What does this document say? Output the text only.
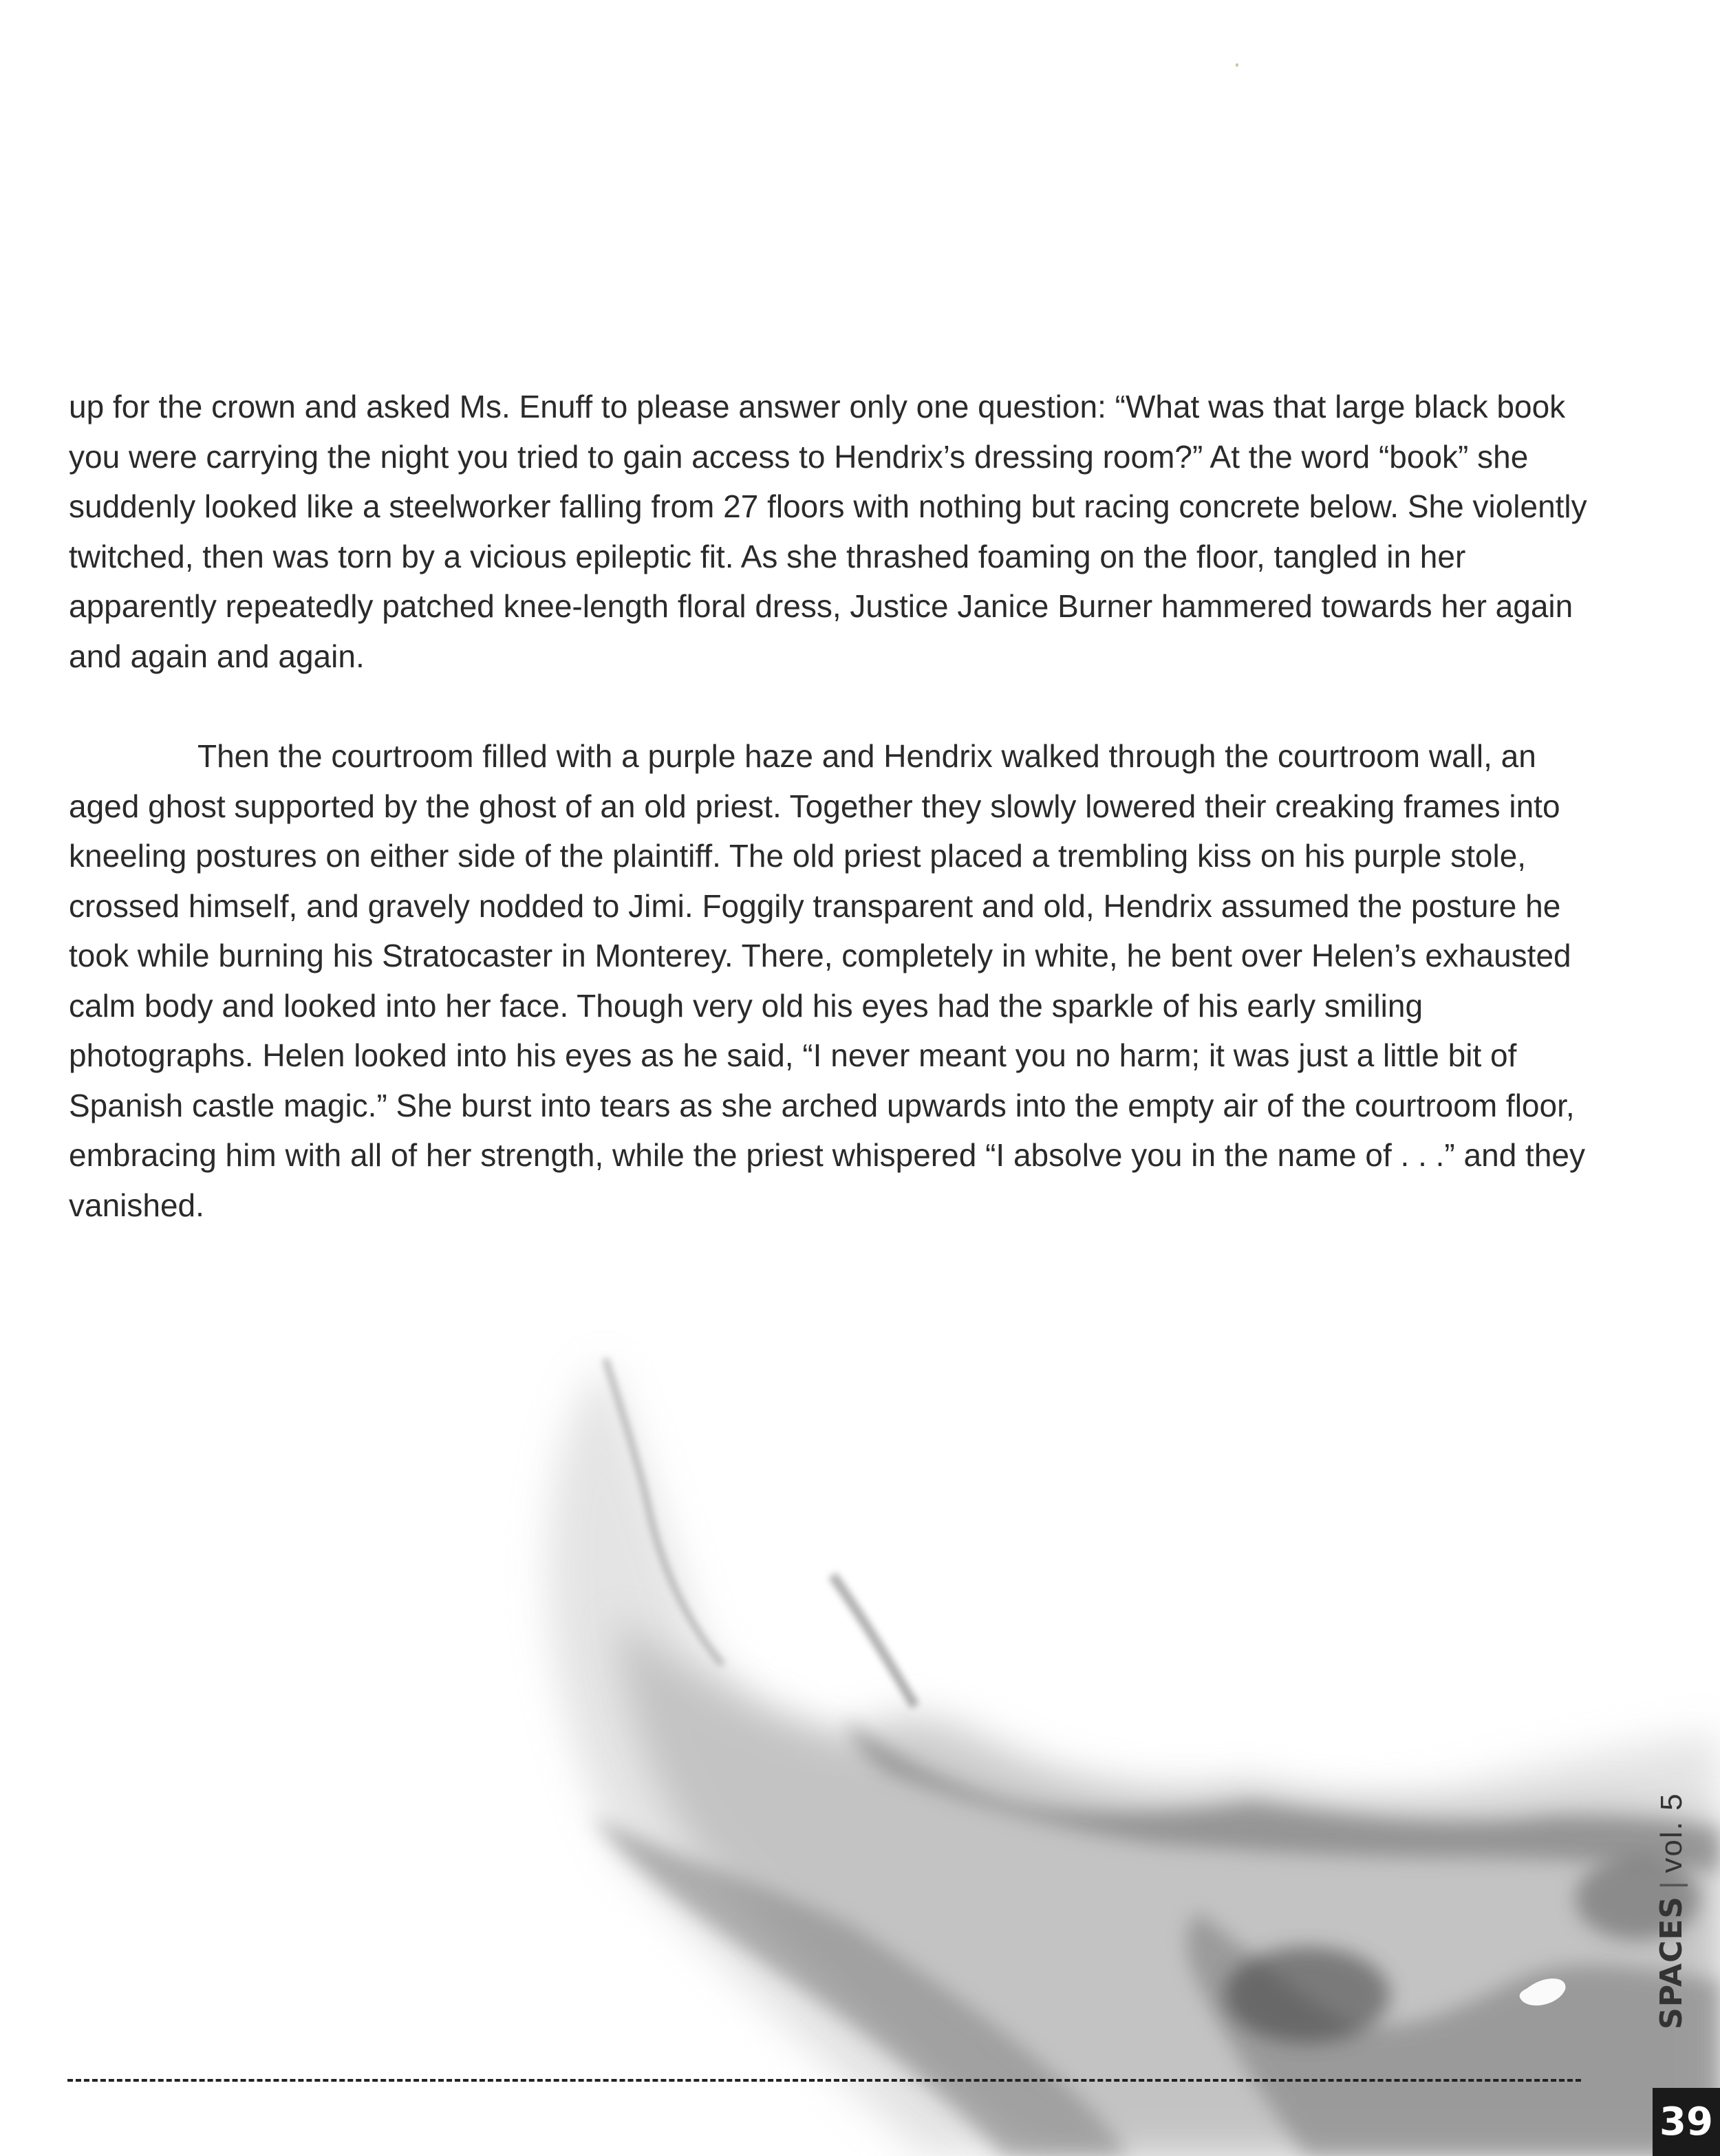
up for the crown and asked Ms. Enuff to please answer only one question: “What was that large black book you were carrying the night you tried to gain access to Hendrix’s dressing room?” At the word “book” she suddenly looked like a steelworker falling from 27 floors with nothing but racing concrete below. She violently twitched, then was torn by a vicious epileptic fit. As she thrashed foaming on the floor, tangled in her apparently repeatedly patched knee-length floral dress, Justice Janice Burner hammered towards her again and again and again.

Then the courtroom filled with a purple haze and Hendrix walked through the courtroom wall, an aged ghost supported by the ghost of an old priest. Together they slowly lowered their creaking frames into kneeling postures on either side of the plaintiff. The old priest placed a trembling kiss on his purple stole, crossed himself, and gravely nodded to Jimi. Foggily transparent and old, Hendrix assumed the posture he took while burning his Stratocaster in Monterey. There, completely in white, he bent over Helen’s exhausted calm body and looked into her face. Though very old his eyes had the sparkle of his early smiling photographs. Helen looked into his eyes as he said, “I never meant you no harm; it was just a little bit of Spanish castle magic.” She burst into tears as she arched upwards into the empty air of the courtroom floor, embracing him with all of her strength, while the priest whispered “I absolve you in the name of . . .” and they vanished.

SPACES|vol. 5
39
